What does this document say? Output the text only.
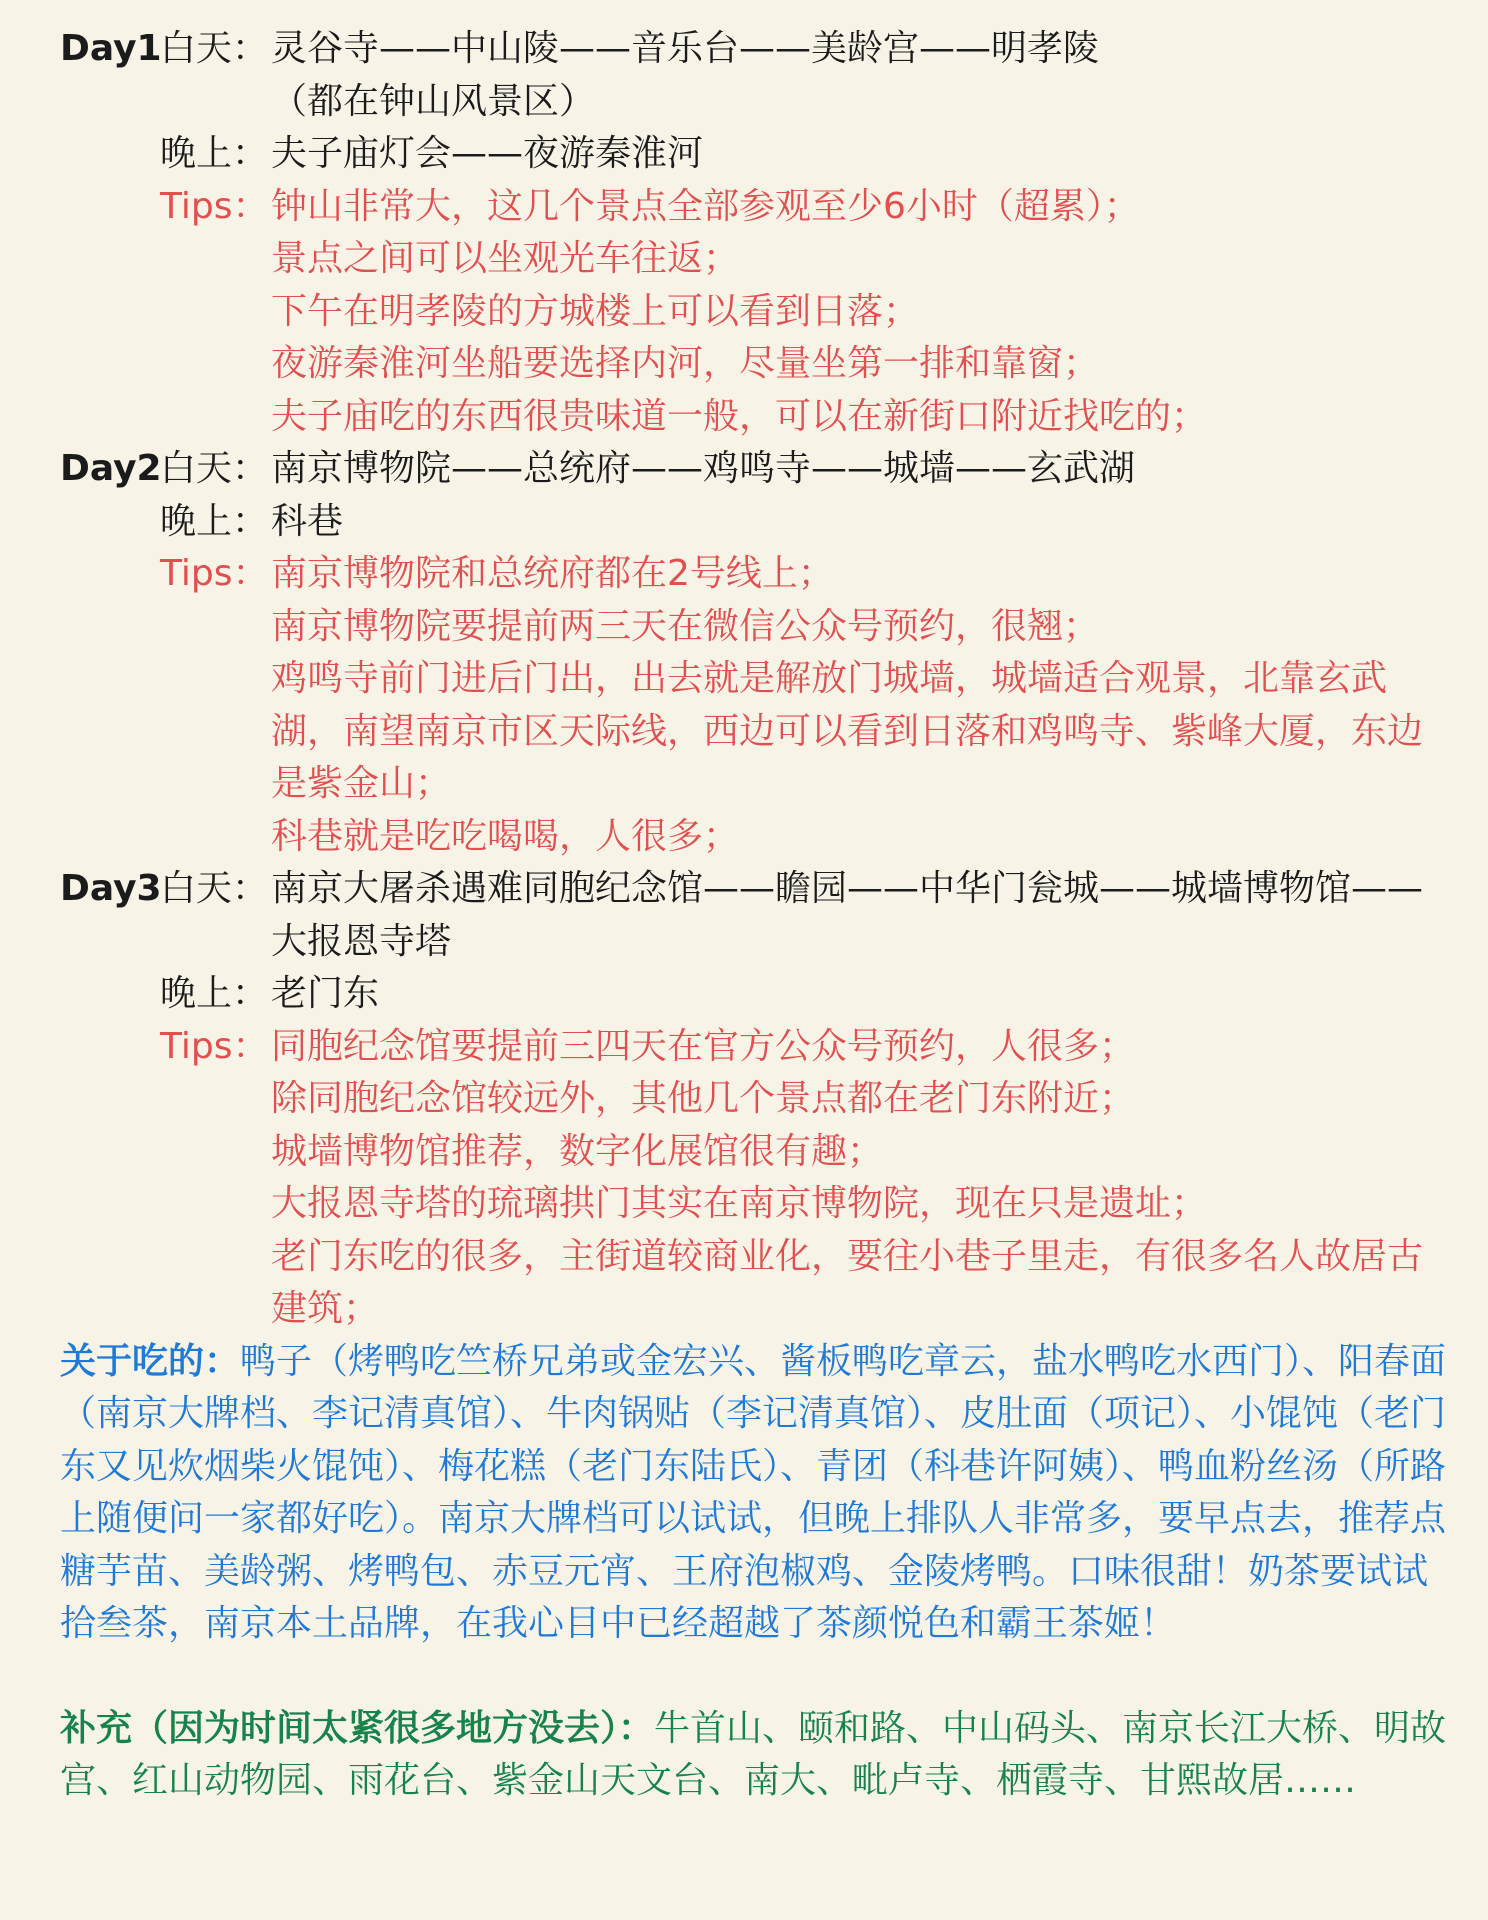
Day1
白天： 灵谷寺——中山陵——音乐台——美龄宫——明孝陵
（都在钟山风景区）
晚上： 夫子庙灯会——夜游秦淮河
Tips： 钟山非常大，这几个景点全部参观至少6小时（超累）；
景点之间可以坐观光车往返；
下午在明孝陵的方城楼上可以看到日落；
夜游秦淮河坐船要选择内河，尽量坐第一排和靠窗；
夫子庙吃的东西很贵味道一般，可以在新街口附近找吃的；
Day2
白天： 南京博物院——总统府——鸡鸣寺——城墙——玄武湖
晚上： 科巷
Tips： 南京博物院和总统府都在2号线上；
南京博物院要提前两三天在微信公众号预约，很翘；
鸡鸣寺前门进后门出，出去就是解放门城墙，城墙适合观景，北靠玄武湖，南望南京市区天际线，西边可以看到日落和鸡鸣寺、紫峰大厦，东边是紫金山；
科巷就是吃吃喝喝，人很多；
Day3
白天： 南京大屠杀遇难同胞纪念馆——瞻园——中华门瓮城——城墙博物馆——大报恩寺塔
晚上： 老门东
Tips： 同胞纪念馆要提前三四天在官方公众号预约，人很多；
除同胞纪念馆较远外，其他几个景点都在老门东附近；
城墙博物馆推荐，数字化展馆很有趣；
大报恩寺塔的琉璃拱门其实在南京博物院，现在只是遗址；
老门东吃的很多，主街道较商业化，要往小巷子里走，有很多名人故居古建筑；
关于吃的：鸭子（烤鸭吃竺桥兄弟或金宏兴、酱板鸭吃章云，盐水鸭吃水西门）、阳春面（南京大牌档、李记清真馆）、牛肉锅贴（李记清真馆）、皮肚面（项记）、小馄饨（老门东又见炊烟柴火馄饨）、梅花糕（老门东陆氏）、青团（科巷许阿姨）、鸭血粉丝汤（所路上随便问一家都好吃）。南京大牌档可以试试，但晚上排队人非常多，要早点去，推荐点糖芋苗、美龄粥、烤鸭包、赤豆元宵、王府泡椒鸡、金陵烤鸭。口味很甜！奶茶要试试拾叁茶，南京本土品牌，在我心目中已经超越了茶颜悦色和霸王茶姬！
补充（因为时间太紧很多地方没去）：牛首山、颐和路、中山码头、南京长江大桥、明故宫、红山动物园、雨花台、紫金山天文台、南大、毗卢寺、栖霞寺、甘熙故居……
